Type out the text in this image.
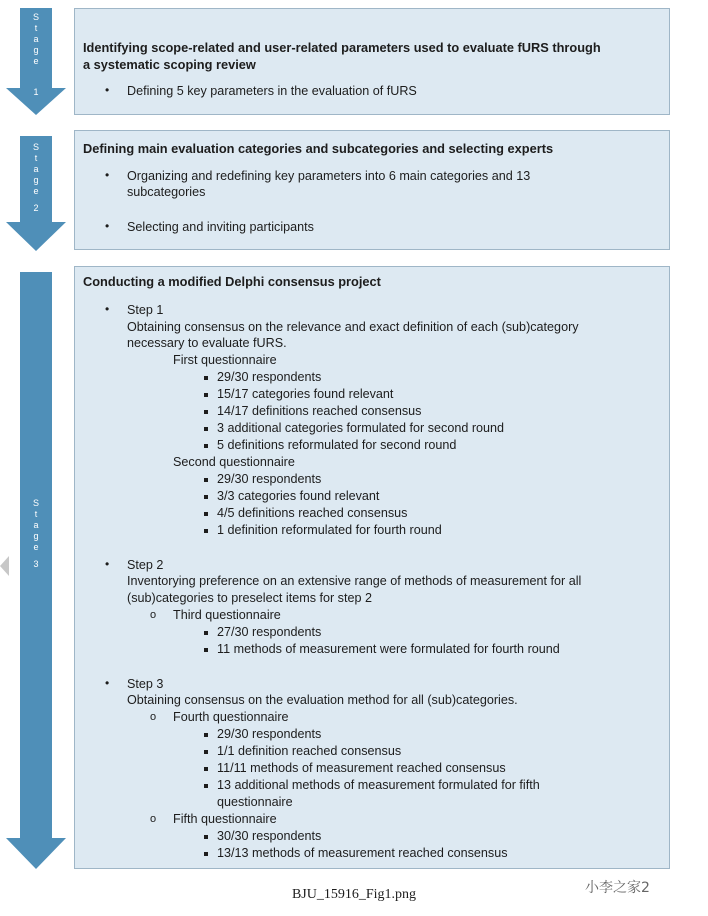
S
t
a
g
e
1
S
t
a
g
e
2
S
t
a
g
e
3
Identifying scope-related and user-related parameters used to evaluate fURS through
a systematic scoping review
• Defining 5 key parameters in the evaluation of fURS
Defining main evaluation categories and subcategories and selecting experts
• Organizing and redefining key parameters into 6 main categories and 13
subcategories
• Selecting and inviting participants
Conducting a modified Delphi consensus project
• Step 1
Obtaining consensus on the relevance and exact definition of each (sub)category
necessary to evaluate fURS.
First questionnaire
29/30 respondents
15/17 categories found relevant
14/17 definitions reached consensus
3 additional categories formulated for second round
5 definitions reformulated for second round
Second questionnaire
29/30 respondents
3/3 categories found relevant
4/5 definitions reached consensus
1 definition reformulated for fourth round
• Step 2
Inventorying preference on an extensive range of methods of measurement for all
(sub)categories to preselect items for step 2
o Third questionnaire
27/30 respondents
11 methods of measurement were formulated for fourth round
• Step 3
Obtaining consensus on the evaluation method for all (sub)categories.
o Fourth questionnaire
29/30 respondents
1/1 definition reached consensus
11/11 methods of measurement reached consensus
13 additional methods of measurement formulated for fifth
questionnaire
o Fifth questionnaire
30/30 respondents
13/13 methods of measurement reached consensus
BJU_15916_Fig1.png	小李之家2
